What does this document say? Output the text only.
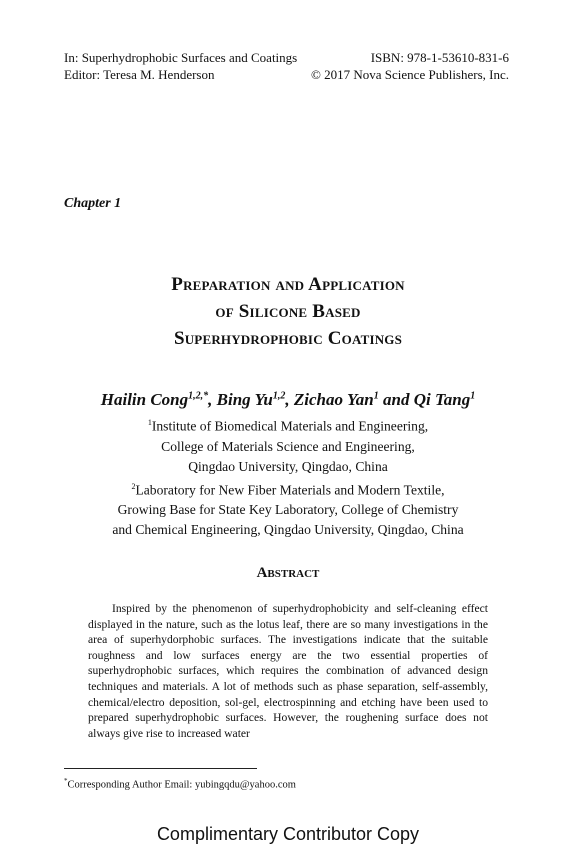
In: Superhydrophobic Surfaces and Coatings	ISBN: 978-1-53610-831-6
Editor: Teresa M. Henderson	© 2017 Nova Science Publishers, Inc.
Chapter 1
Preparation and Application
of Silicone Based
Superhydrophobic Coatings
Hailin Cong$^{1,2,*}$, Bing Yu$^{1,2}$, Zichao Yan$^1$ and Qi Tang$^1$
$^1$Institute of Biomedical Materials and Engineering,
College of Materials Science and Engineering,
Qingdao University, Qingdao, China
$^2$Laboratory for New Fiber Materials and Modern Textile,
Growing Base for State Key Laboratory, College of Chemistry
and Chemical Engineering, Qingdao University, Qingdao, China
Abstract

Inspired by the phenomenon of superhydrophobicity and self-cleaning effect displayed in the nature, such as the lotus leaf, there are so many investigations in the area of superhydorphobic surfaces. The investigations indicate that the suitable roughness and low surfaces energy are the two essential properties of superhydrophobic surfaces, which requires the combination of advanced design techniques and materials. A lot of methods such as phase separation, self-assembly, chemical/electro deposition, sol-gel, electrospinning and etching have been used to prepared superhydrophobic surfaces. However, the roughening surface does not always give rise to increased water

*Corresponding Author Email: yubingqdu@yahoo.com
Complimentary Contributor Copy
